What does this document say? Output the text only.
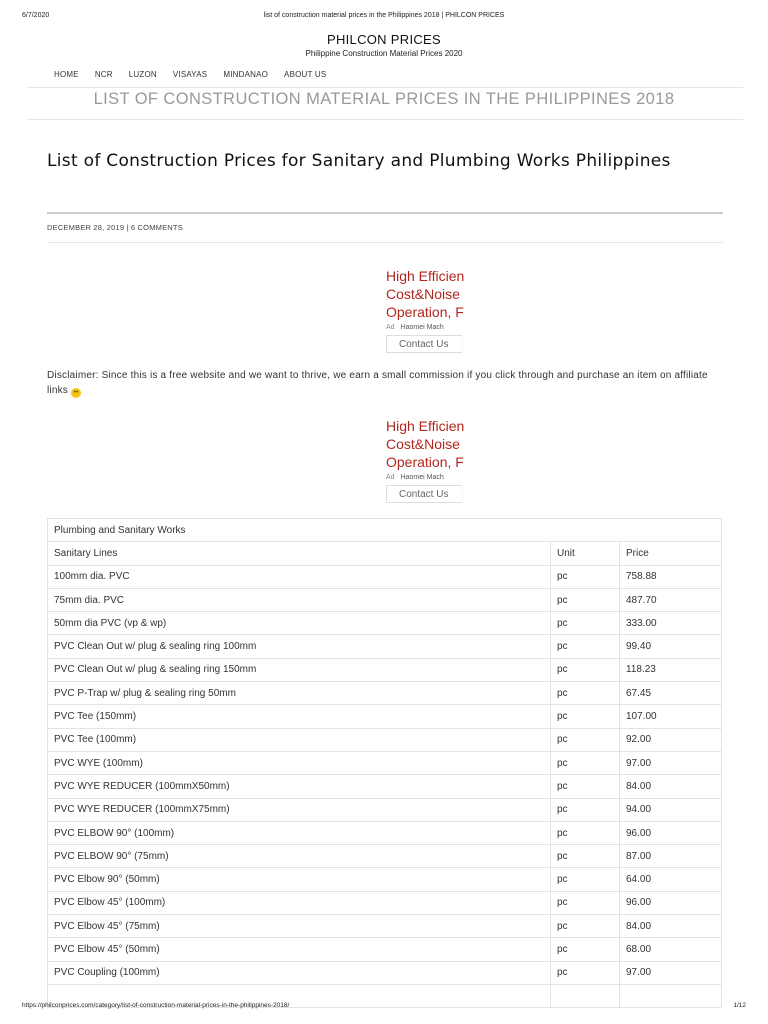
6/7/2020	list of construction material prices in the Philippines 2018 | PHILCON PRICES
PHILCON PRICES
Philippine Construction Material Prices 2020
HOME NCR LUZON VISAYAS MINDANAO ABOUT US
LIST OF CONSTRUCTION MATERIAL PRICES IN THE PHILIPPINES 2018
List of Construction Prices for Sanitary and Plumbing Works Philippines
DECEMBER 28, 2019 | 6 COMMENTS
High Efficien
Cost&Noise
Operation, F
Ad Haomei Mach
Contact Us
Disclaimer: Since this is a free website and we want to thrive, we earn a small commission if you click through and purchase an item on affiliate links ••
High Efficien
Cost&Noise
Operation, F
Ad Haomei Mach
Contact Us
Plumbing and Sanitary Works		
Sanitary Lines	Unit	Price
100mm dia. PVC	pc	758.88
75mm dia. PVC	pc	487.70
50mm dia PVC (vp & wp)	pc	333.00
PVC Clean Out w/ plug & sealing ring 100mm	pc	99.40
PVC Clean Out w/ plug & sealing ring 150mm	pc	118.23
PVC P-Trap w/ plug & sealing ring 50mm	pc	67.45
PVC Tee (150mm)	pc	107.00
PVC Tee (100mm)	pc	92.00
PVC WYE (100mm)	pc	97.00
PVC WYE REDUCER (100mmX50mm)	pc	84.00
PVC WYE REDUCER (100mmX75mm)	pc	94.00
PVC ELBOW 90° (100mm)	pc	96.00
PVC ELBOW 90° (75mm)	pc	87.00
PVC Elbow 90° (50mm)	pc	64.00
PVC Elbow 45° (100mm)	pc	96.00
PVC Elbow 45° (75mm)	pc	84.00
PVC Elbow 45° (50mm)	pc	68.00
PVC Coupling (100mm)	pc	97.00

https://philconprices.com/category/list-of-construction-material-prices-in-the-philippines-2018/	1/12
